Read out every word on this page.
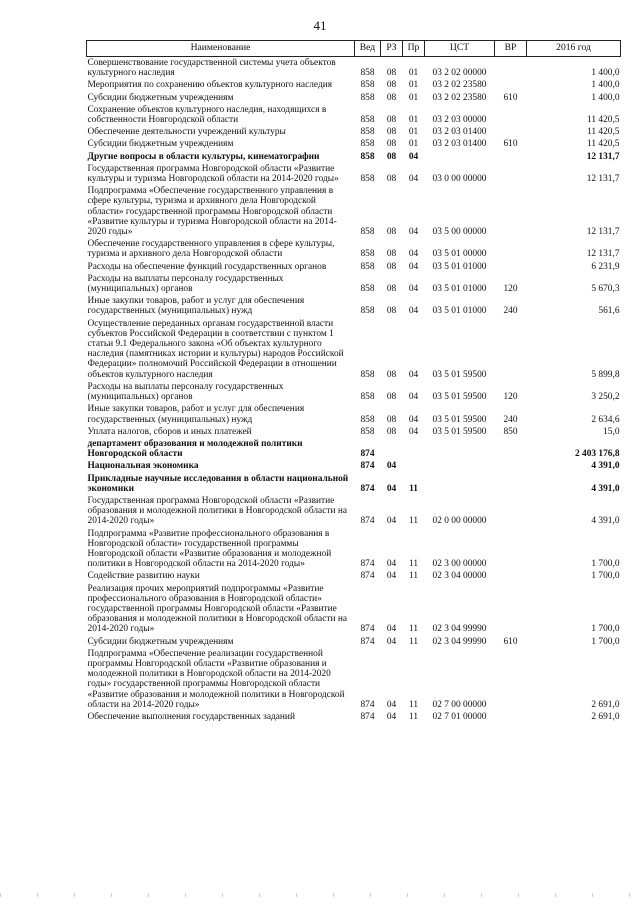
41
Наименование	Вед	РЗ	Пр	ЦСТ	ВР	2016 год
Совершенствование государственной системы учета объектов культурного наследия	858	08	01	03 2 02 00000		1 400,0
Мероприятия по сохранению объектов культурного наследия	858	08	01	03 2 02 23580		1 400,0
Субсидии бюджетным учреждениям	858	08	01	03 2 02 23580	610	1 400,0
Сохранение объектов культурного наследия, находящихся в собственности Новгородской области	858	08	01	03 2 03 00000		11 420,5
Обеспечение деятельности учреждений культуры	858	08	01	03 2 03 01400		11 420,5
Субсидии бюджетным учреждениям	858	08	01	03 2 03 01400	610	11 420,5
Другие вопросы в области культуры, кинематографии	858	08	04			12 131,7
Государственная программа Новгородской области «Развитие культуры и туризма Новгородской области на 2014-2020 годы»	858	08	04	03 0 00 00000		12 131,7
Подпрограмма «Обеспечение государственного управления в сфере культуры, туризма и архивного дела Новгородской области» государственной программы Новгородской области «Развитие культуры и туризма Новгородской области на 2014-2020 годы»	858	08	04	03 5 00 00000		12 131,7
Обеспечение государственного управления в сфере культуры, туризма и архивного дела Новгородской области	858	08	04	03 5 01 00000		12 131,7
Расходы на обеспечение функций государственных органов	858	08	04	03 5 01 01000		6 231,9
Расходы на выплаты персоналу государственных (муниципальных) органов	858	08	04	03 5 01 01000	120	5 670,3
Иные закупки товаров, работ и услуг для обеспечения государственных (муниципальных) нужд	858	08	04	03 5 01 01000	240	561,6
Осуществление переданных органам государственной власти субъектов Российской Федерации в соответствии с пунктом 1 статьи 9.1 Федерального закона «Об объектах культурного наследия (памятниках истории и культуры) народов Российской Федерации» полномочий Российской Федерации в отношении объектов культурного наследия	858	08	04	03 5 01 59500		5 899,8
Расходы на выплаты персоналу государственных (муниципальных) органов	858	08	04	03 5 01 59500	120	3 250,2
Иные закупки товаров, работ и услуг для обеспечения государственных (муниципальных) нужд	858	08	04	03 5 01 59500	240	2 634,6
Уплата налогов, сборов и иных платежей	858	08	04	03 5 01 59500	850	15,0
департамент образования и молодежной политики Новгородской области	874					2 403 176,8
Национальная экономика	874	04				4 391,0
Прикладные научные исследования в области национальной экономики	874	04	11			4 391,0
Государственная программа Новгородской области «Развитие образования и молодежной политики в Новгородской области на 2014-2020 годы»	874	04	11	02 0 00 00000		4 391,0
Подпрограмма «Развитие профессионального образования в Новгородской области» государственной программы Новгородской области «Развитие образования и молодежной политики в Новгородской области на 2014-2020 годы»	874	04	11	02 3 00 00000		1 700,0
Содействие развитию науки	874	04	11	02 3 04 00000		1 700,0
Реализация прочих мероприятий подпрограммы «Развитие профессионального образования в Новгородской области» государственной программы Новгородской области «Развитие образования и молодежной политики в Новгородской области на 2014-2020 годы»	874	04	11	02 3 04 99990		1 700,0
Субсидии бюджетным учреждениям	874	04	11	02 3 04 99990	610	1 700,0
Подпрограмма «Обеспечение реализации государственной программы Новгородской области «Развитие образования и молодежной политики в Новгородской области на 2014-2020 годы» государственной программы Новгородской области «Развитие образования и молодежной политики в Новгородской области на 2014-2020 годы»	874	04	11	02 7 00 00000		2 691,0
Обеспечение выполнения государственных заданий	874	04	11	02 7 01 00000		2 691,0
